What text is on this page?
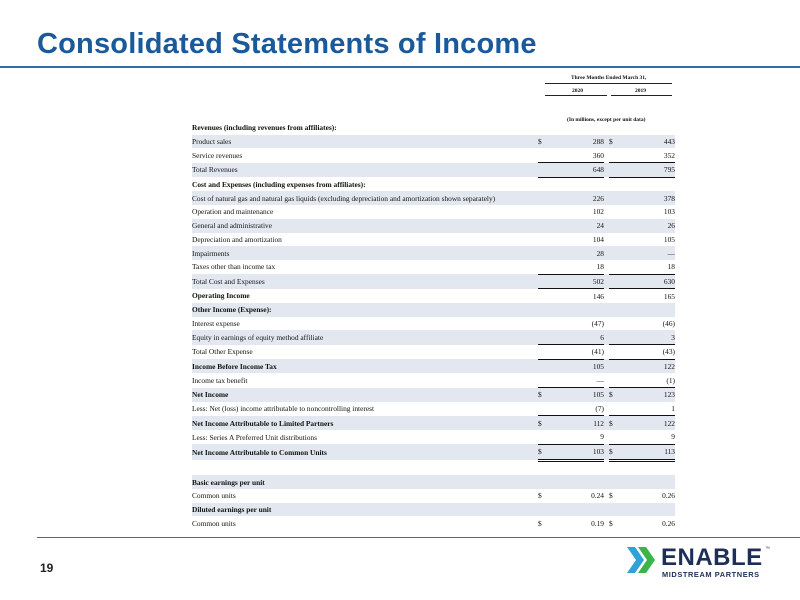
Consolidated Statements of Income
Three Months Ended March 31,
2020	2019
(In millions, except per unit data)
Revenues (including revenues from affiliates):					
Product sales	$	288		$	443
Service revenues		360			352
Total Revenues		648			795
Cost and Expenses (including expenses from affiliates):					
Cost of natural gas and natural gas liquids (excluding depreciation and amortization shown separately)		226			378
Operation and maintenance		102			103
General and administrative		24			26
Depreciation and amortization		104			105
Impairments		28			—
Taxes other than income tax		18			18
Total Cost and Expenses		502			630
Operating Income		146			165
Other Income (Expense):					
Interest expense		(47)			(46)
Equity in earnings of equity method affiliate		6			3
Total Other Expense		(41)			(43)
Income Before Income Tax		105			122
Income tax benefit		—			(1)
Net Income	$	105		$	123
Less: Net (loss) income attributable to noncontrolling interest		(7)			1
Net Income Attributable to Limited Partners	$	112		$	122
Less: Series A Preferred Unit distributions		9			9
Net Income Attributable to Common Units	$	103		$	113

Basic earnings per unit					
Common units	$	0.24		$	0.26
Diluted earnings per unit					
Common units	$	0.19		$	0.26
19	ENABLE ™
MIDSTREAM PARTNERS
